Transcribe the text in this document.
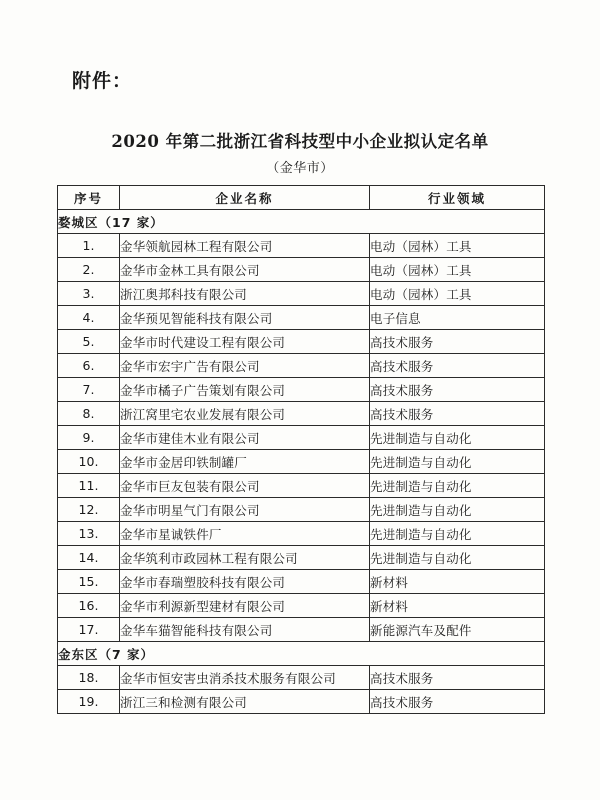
附件：
2020 年第二批浙江省科技型中小企业拟认定名单
（金华市）
序号	企业名称	行业领域
婺城区（17 家）		
1.	金华领航园林工程有限公司	电动（园林）工具
2.	金华市金林工具有限公司	电动（园林）工具
3.	浙江奥邦科技有限公司	电动（园林）工具
4.	金华预见智能科技有限公司	电子信息
5.	金华市时代建设工程有限公司	高技术服务
6.	金华市宏宇广告有限公司	高技术服务
7.	金华市橘子广告策划有限公司	高技术服务
8.	浙江窝里宅农业发展有限公司	高技术服务
9.	金华市建佳木业有限公司	先进制造与自动化
10.	金华市金居印铁制罐厂	先进制造与自动化
11.	金华市巨友包装有限公司	先进制造与自动化
12.	金华市明星气门有限公司	先进制造与自动化
13.	金华市星诚铁件厂	先进制造与自动化
14.	金华筑利市政园林工程有限公司	先进制造与自动化
15.	金华市春瑞塑胶科技有限公司	新材料
16.	金华市利源新型建材有限公司	新材料
17.	金华车猫智能科技有限公司	新能源汽车及配件
金东区（7 家）		
18.	金华市恒安害虫消杀技术服务有限公司	高技术服务
19.	浙江三和检测有限公司	高技术服务
